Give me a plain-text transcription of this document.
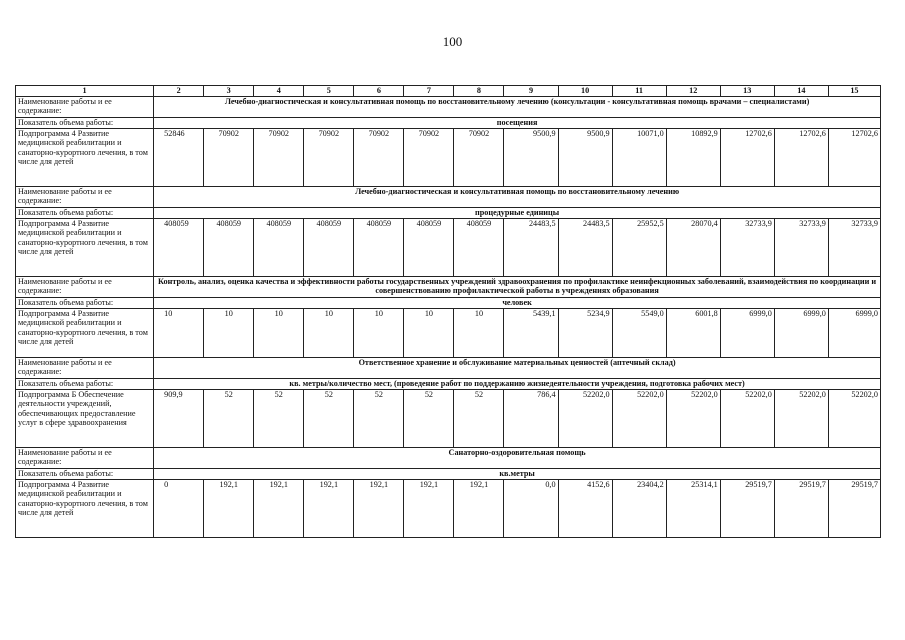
100
1	2	3	4	5	6	7	8	9	10	11	12	13	14	15
Наименование работы и ее содержание:	Лечебно-диагностическая и консультативная помощь по восстановительному лечению (консультации - консультативная помощь врачами – специалистами)													
Показатель объема работы:	посещения													
Подпрограмма 4 Развитие медицинской реабилитации и санаторно-курортного лечения, в том числе для детей	52846	70902	70902	70902	70902	70902	70902	9500,9	9500,9	10071,0	10892,9	12702,6	12702,6	12702,6
Наименование работы и ее содержание:	Лечебно-диагностическая и консультативная помощь по восстановительному лечению													
Показатель объема работы:	процедурные единицы													
Подпрограмма 4 Развитие медицинской реабилитации и санаторно-курортного лечения, в том числе для детей	408059	408059	408059	408059	408059	408059	408059	24483,5	24483,5	25952,5	28070,4	32733,9	32733,9	32733,9
Наименование работы и ее содержание:	Контроль, анализ, оценка качества и эффективности работы государственных учреждений здравоохранения по профилактике неинфекционных заболеваний, взаимодействия по координации и совершенствованию профилактической работы в учреждениях образования													
Показатель объема работы:	человек													
Подпрограмма 4 Развитие медицинской реабилитации и санаторно-курортного лечения, в том числе для детей	10	10	10	10	10	10	10	5439,1	5234,9	5549,0	6001,8	6999,0	6999,0	6999,0
Наименование работы и ее содержание:	Ответственное хранение и обслуживание материальных ценностей (аптечный склад)													
Показатель объема работы:	кв. метры/количество мест, (проведение работ по поддержанию жизнедеятельности учреждения, подготовка рабочих мест)													
Подпрограмма Б Обеспечение деятельности учреждений, обеспечивающих предоставление услуг в сфере здравоохранения	909,9	52	52	52	52	52	52	786,4	52202,0	52202,0	52202,0	52202,0	52202,0	52202,0
Наименование работы и ее содержание:	Санаторно-оздоровительная помощь													
Показатель объема работы:	кв.метры													
Подпрограмма 4 Развитие медицинской реабилитации и санаторно-курортного лечения, в том числе для детей	0	192,1	192,1	192,1	192,1	192,1	192,1	0,0	4152,6	23404,2	25314,1	29519,7	29519,7	29519,7
